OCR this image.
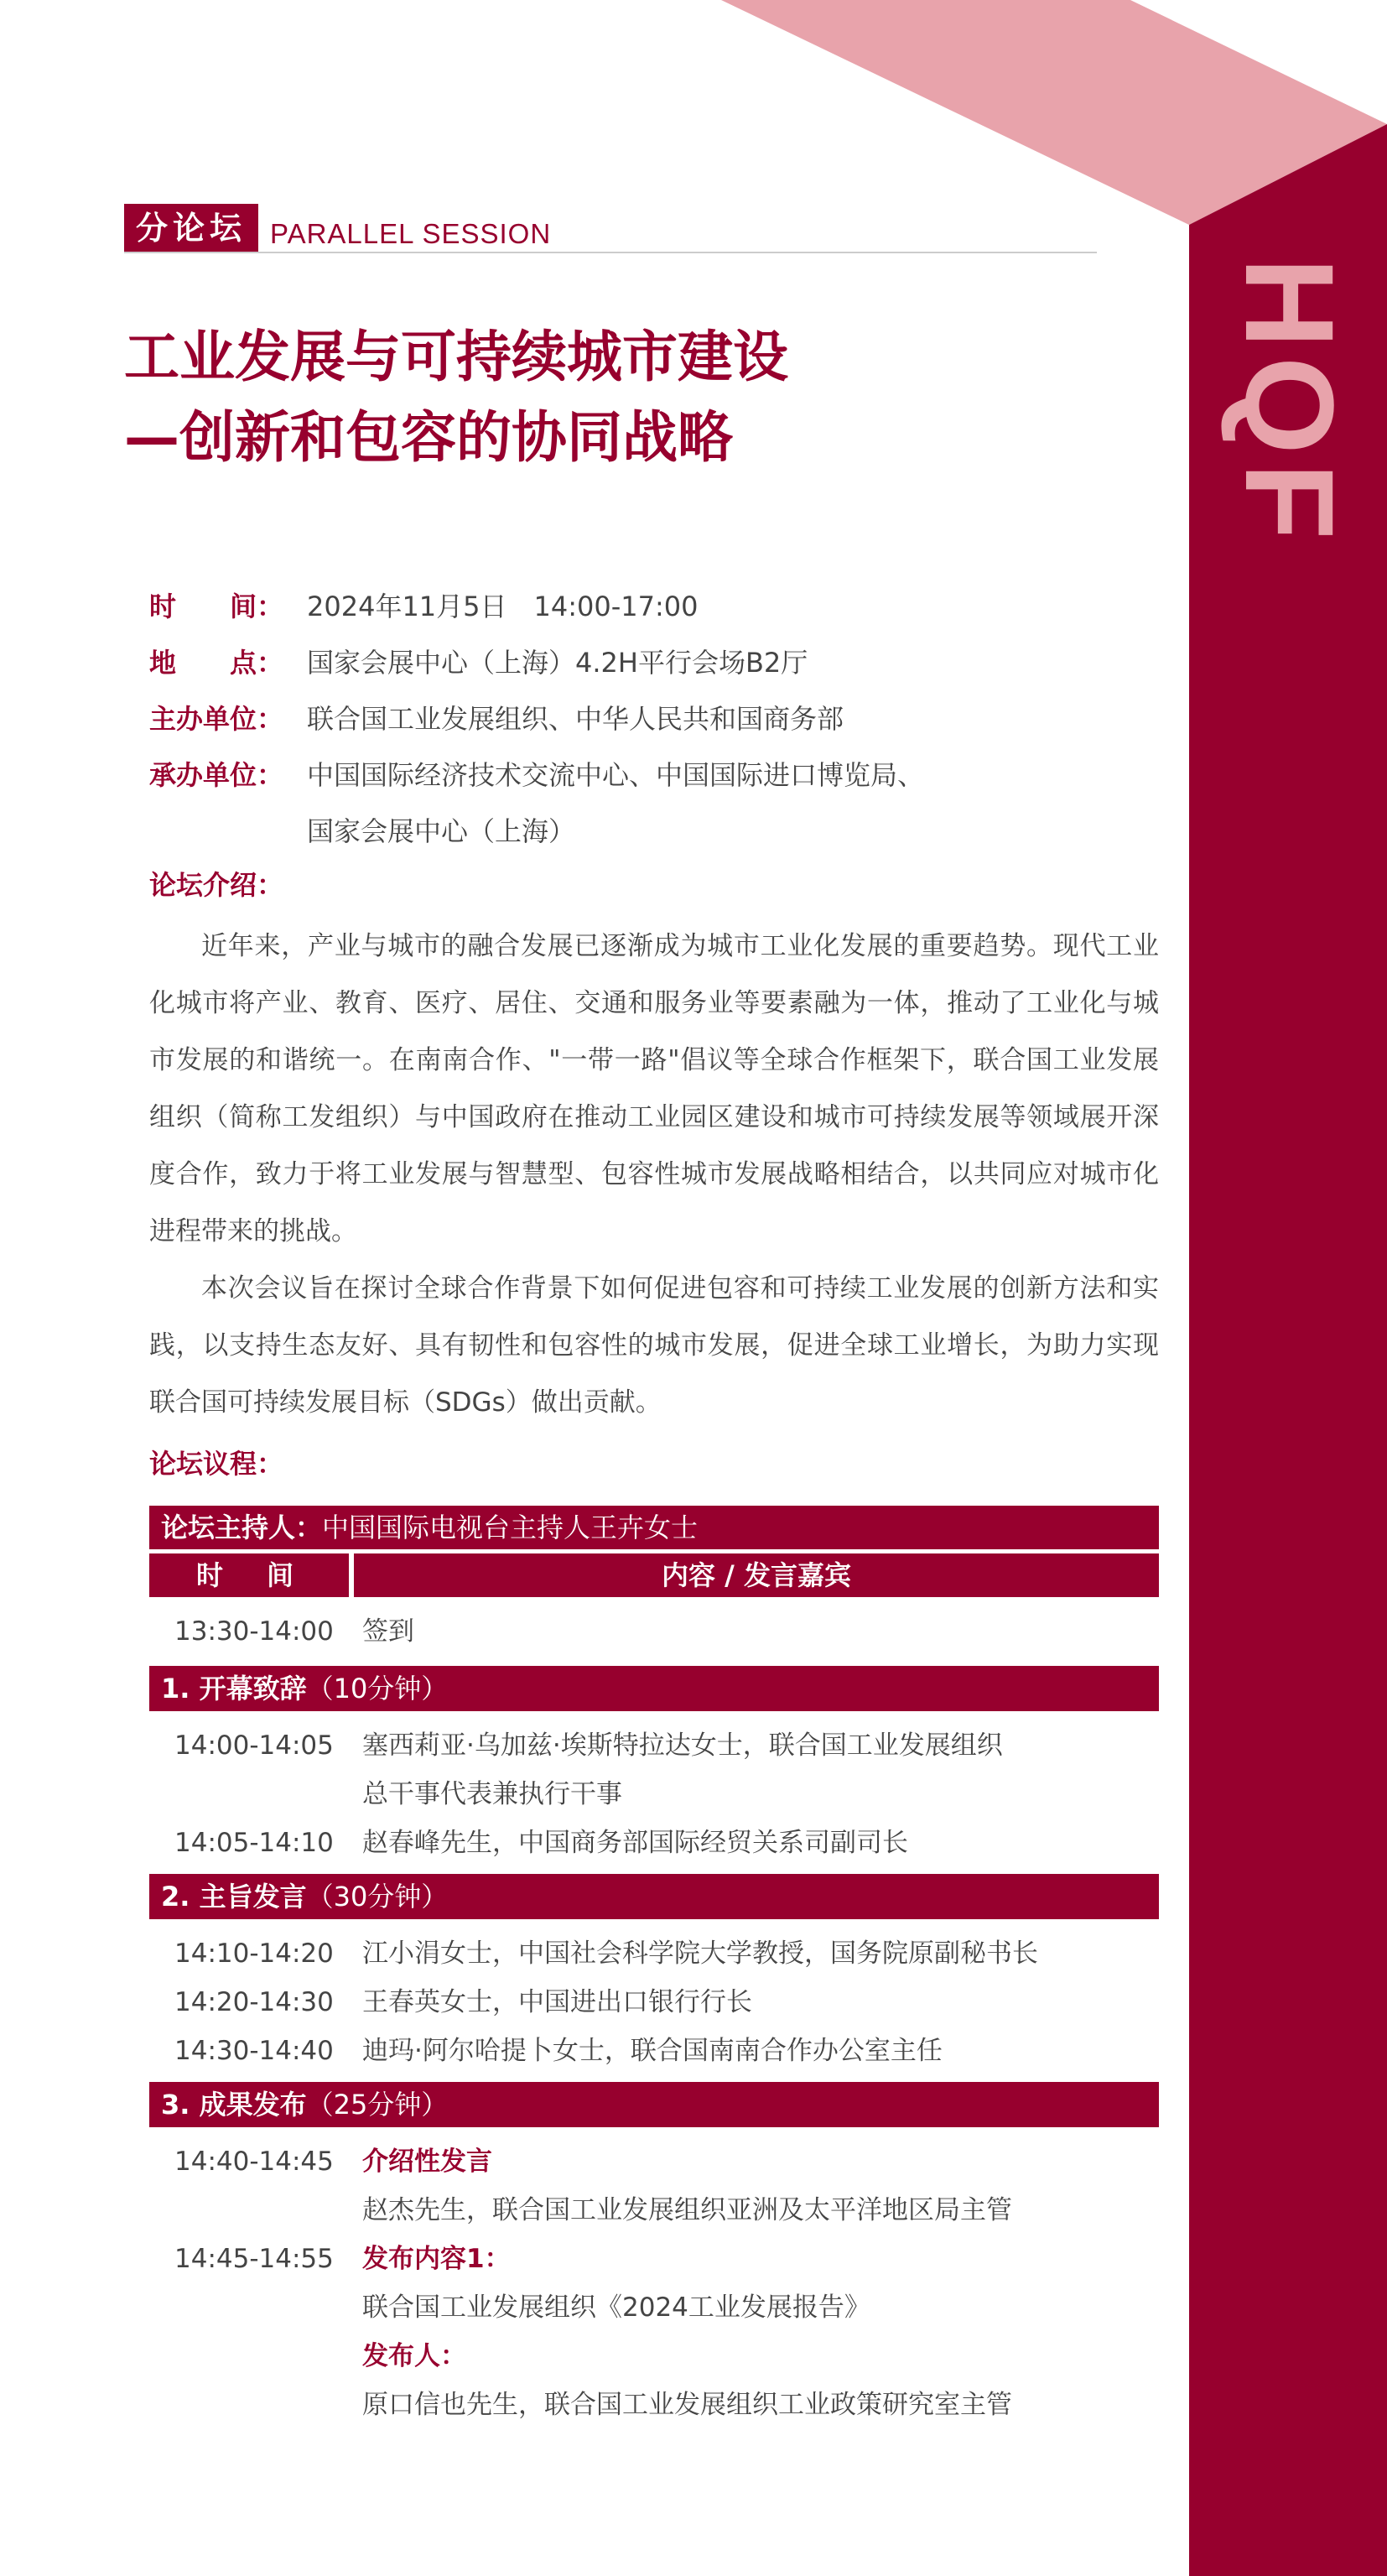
HQF
分论坛 PARALLEL SESSION
工业发展与可持续城市建设
—创新和包容的协同战略
时　　间： 2024年11月5日　14:00-17:00
地　　点： 国家会展中心（上海）4.2H平行会场B2厅
主办单位： 联合国工业发展组织、中华人民共和国商务部
承办单位： 中国国际经济技术交流中心、中国国际进口博览局、
国家会展中心（上海）
论坛介绍：

近年来，产业与城市的融合发展已逐渐成为城市工业化发展的重要趋势。现代工业化城市将产业、教育、医疗、居住、交通和服务业等要素融为一体，推动了工业化与城市发展的和谐统一。在南南合作、"一带一路"倡议等全球合作框架下，联合国工业发展组织（简称工发组织）与中国政府在推动工业园区建设和城市可持续发展等领域展开深度合作，致力于将工业发展与智慧型、包容性城市发展战略相结合，以共同应对城市化进程带来的挑战。

本次会议旨在探讨全球合作背景下如何促进包容和可持续工业发展的创新方法和实践，以支持生态友好、具有韧性和包容性的城市发展，促进全球工业增长，为助力实现联合国可持续发展目标（SDGs）做出贡献。

论坛议程：
论坛主持人：中国国际电视台主持人王卉女士
时　间	内容 / 发言嘉宾
13:30-14:00	签到
1. 开幕致辞（10分钟）
14:00-14:05	塞西莉亚·乌加兹·埃斯特拉达女士，联合国工业发展组织
总干事代表兼执行干事
14:05-14:10	赵春峰先生，中国商务部国际经贸关系司副司长
2. 主旨发言（30分钟）
14:10-14:20	江小涓女士，中国社会科学院大学教授，国务院原副秘书长
14:20-14:30	王春英女士，中国进出口银行行长
14:30-14:40	迪玛·阿尔哈提卜女士，联合国南南合作办公室主任
3. 成果发布（25分钟）
14:40-14:45	介绍性发言
赵杰先生，联合国工业发展组织亚洲及太平洋地区局主管
14:45-14:55	发布内容1：
联合国工业发展组织《2024工业发展报告》
发布人：
原口信也先生，联合国工业发展组织工业政策研究室主管
